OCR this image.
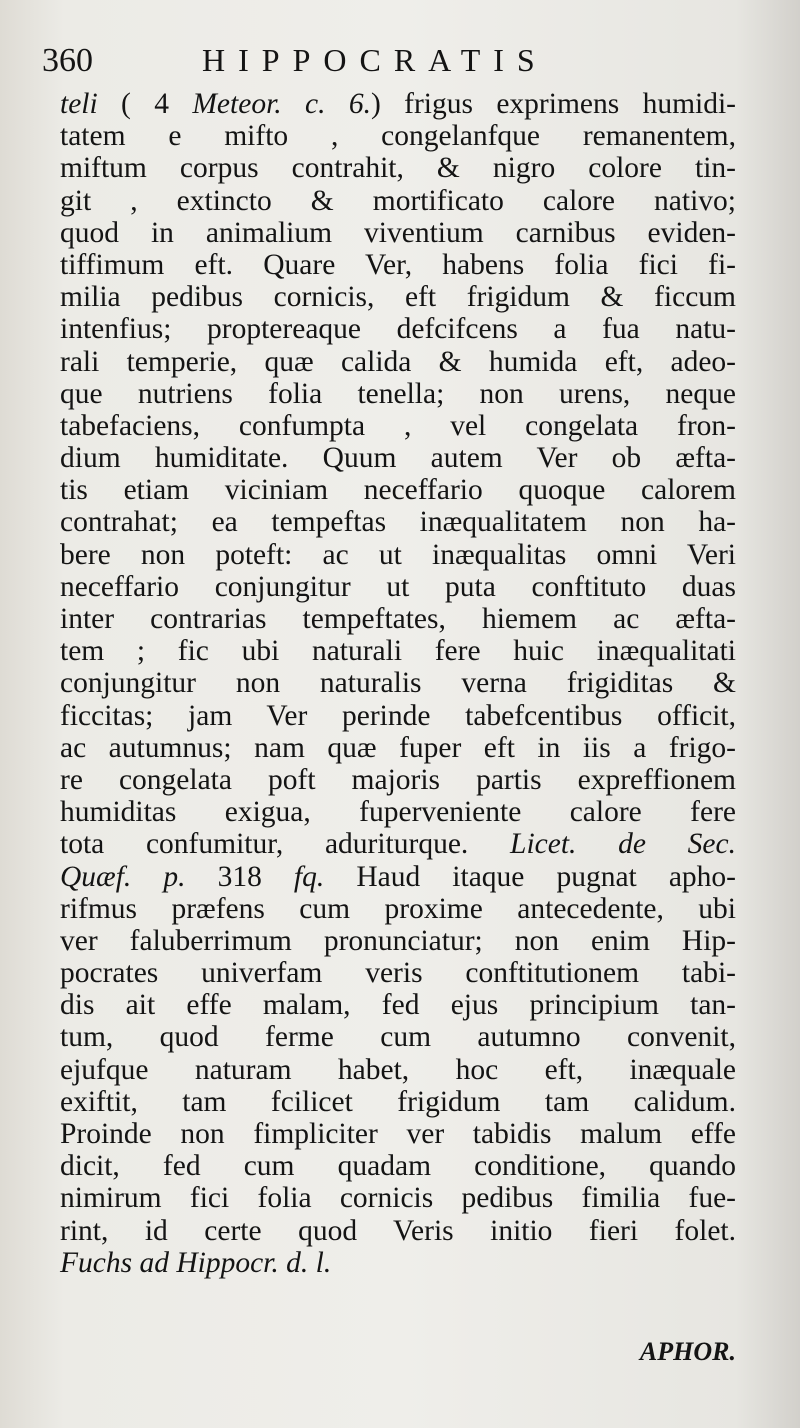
360	HIPPOCRATIS
teli ( 4 Meteor. c. 6.) frigus exprimens humidi-
tatem e mifto , congelanfque remanentem,
miftum corpus contrahit, & nigro colore tin-
git , extincto & mortificato calore nativo;
quod in animalium viventium carnibus eviden-
tiffimum eft. Quare Ver, habens folia fici fi-
milia pedibus cornicis, eft frigidum & ficcum
intenfius; proptereaque defcifcens a fua natu-
rali temperie, quæ calida & humida eft, adeo-
que nutriens folia tenella; non urens, neque
tabefaciens, confumpta , vel congelata fron-
dium humiditate. Quum autem Ver ob æfta-
tis etiam viciniam neceffario quoque calorem
contrahat; ea tempeftas inæqualitatem non ha-
bere non poteft: ac ut inæqualitas omni Veri
neceffario conjungitur ut puta conftituto duas
inter contrarias tempeftates, hiemem ac æfta-
tem ; fic ubi naturali fere huic inæqualitati
conjungitur non naturalis verna frigiditas &
ficcitas; jam Ver perinde tabefcentibus officit,
ac autumnus; nam quæ fuper eft in iis a frigo-
re congelata poft majoris partis expreffionem
humiditas exigua, fuperveniente calore fere
tota confumitur, aduriturque. Licet. de Sec.
Quæf. p. 318 fq. Haud itaque pugnat apho-
rifmus præfens cum proxime antecedente, ubi
ver faluberrimum pronunciatur; non enim Hip-
pocrates univerfam veris conftitutionem tabi-
dis ait effe malam, fed ejus principium tan-
tum, quod ferme cum autumno convenit,
ejufque naturam habet, hoc eft, inæquale
exiftit, tam fcilicet frigidum tam calidum.
Proinde non fimpliciter ver tabidis malum effe
dicit, fed cum quadam conditione, quando
nimirum fici folia cornicis pedibus fimilia fue-
rint, id certe quod Veris initio fieri folet.
Fuchs ad Hippocr. d. l.
APHOR.
